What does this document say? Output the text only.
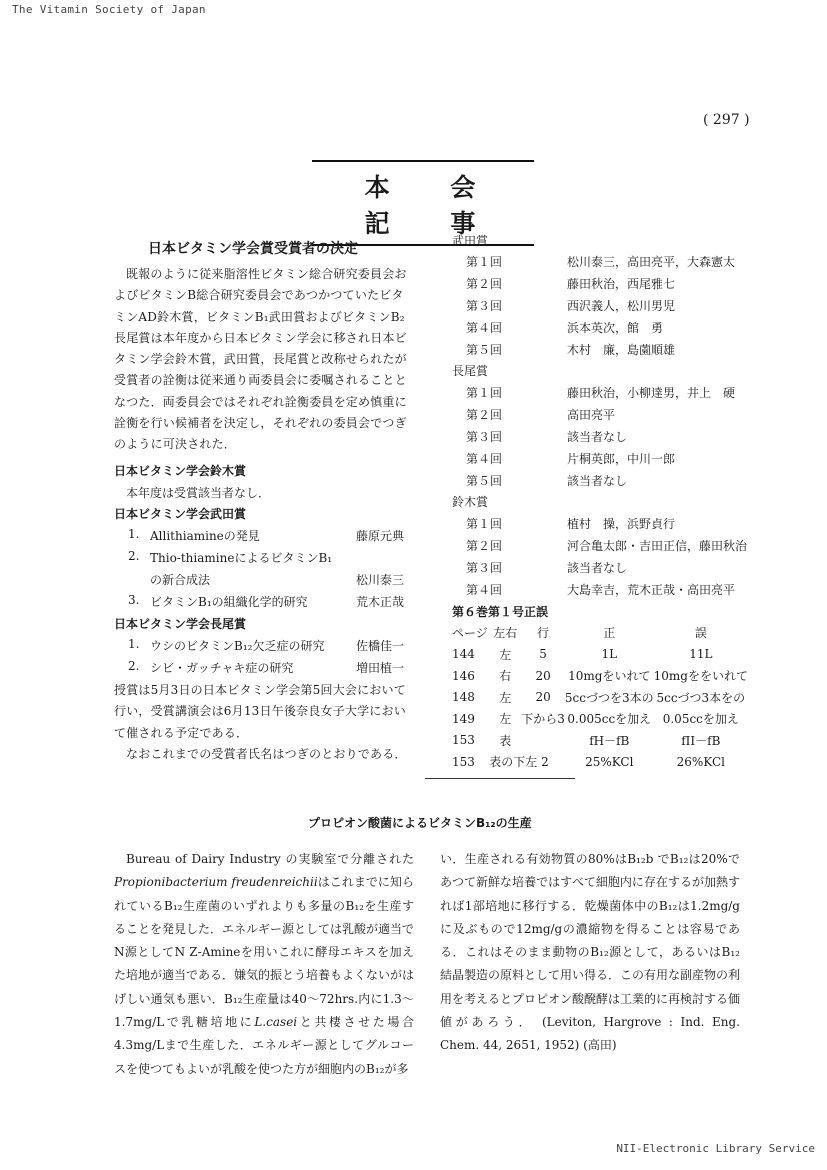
The Vitamin Society of Japan
( 297 )
本 会 記 事
日本ビタミン学会賞受賞者の決定

既報のように従来脂溶性ビタミン総合研究委員会およびビタミンB総合研究委員会であつかつていたビタミンAD鈴木賞，ビタミンB₁武田賞およびビタミンB₂長尾賞は本年度から日本ビタミン学会に移され日本ビタミン学会鈴木賞，武田賞，長尾賞と改称せられたが受賞者の詮衡は従来通り両委員会に委嘱されることとなつた．両委員会ではそれぞれ詮衡委員を定め慎重に詮衡を行い候補者を決定し，それぞれの委員会でつぎのように可決された．

日本ビタミン学会鈴木賞
本年度は受賞該当者なし．
日本ビタミン学会武田賞
1. Allithiamineの発見	藤原元典
2. Thio-thiamineによるビタミンB₁
の新合成法	松川泰三
3. ビタミンB₁の組織化学的研究	荒木正哉
日本ビタミン学会長尾賞
1. ウシのビタミンB₁₂欠乏症の研究	佐橋佳一
2. シビ・ガッチャキ症の研究	増田植一

授賞は5月3日の日本ビタミン学会第5回大会において行い，受賞講演会は6月13日午後奈良女子大学において催される予定である．

なおこれまでの受賞者氏名はつぎのとおりである．

武田賞
第１回	松川泰三，高田亮平，大森憲太
第２回	藤田秋治，西尾雅七
第３回	西沢義人，松川男児
第４回	浜本英次，館　勇
第５回	木村　廉，島薗順雄
長尾賞
第１回	藤田秋治，小柳達男，井上　硬
第２回	高田亮平
第３回	該当者なし
第４回	片桐英郎，中川一郎
第５回	該当者なし
鈴木賞
第１回	植村　操，浜野貞行
第２回	河合亀太郎・吉田正信，藤田秋治
第３回	該当者なし
第４回	大島幸吉，荒木正哉・高田亮平
第６巻第１号正誤
ページ	左右	行	正	誤
144	左	5	1L	11L
146	右	20	10mgをいれて	10mgををいれて
148	左	20	5ccづつを3本の	5ccづつ3本をの
149	左	下から3	0.005ccを加え	0.05ccを加え
153	表		fH－fB	fII－fB
153	表の下左 2		25%KCl	26%KCl
プロピオン酸菌によるビタミンB₁₂の生産

Bureau of Dairy Industry の実験室で分離されたPropionibacterium freudenreichiiはこれまでに知られているB₁₂生産菌のいずれよりも多量のB₁₂を生産することを発見した．エネルギー源としては乳酸が適当でN源としてN Z-Amineを用いこれに酵母エキスを加えた培地が適当である．嫌気的振とう培養もよくないがはげしい通気も悪い．B₁₂生産量は40～72hrs.内に1.3～1.7mg/Lで乳糖培地にL.caseiと共棲させた場合4.3mg/Lまで生産した．エネルギー源としてグルコースを使つてもよいが乳酸を使つた方が細胞内のB₁₂が多

い．生産される有効物質の80%はB₁₂b でB₁₂は20%であつて新鮮な培養ではすべて細胞内に存在するが加熱すれば1部培地に移行する．乾燥菌体中のB₁₂は1.2mg/gに及ぶもので12mg/gの濃縮物を得ることは容易である．これはそのまま動物のB₁₂源として，あるいはB₁₂結晶製造の原料として用い得る．この有用な副産物の利用を考えるとプロピオン酸醗酵は工業的に再検討する価値があろう． (Leviton, Hargrove : Ind. Eng. Chem. 44, 2651, 1952) (高田)

NII-Electronic Library Service
